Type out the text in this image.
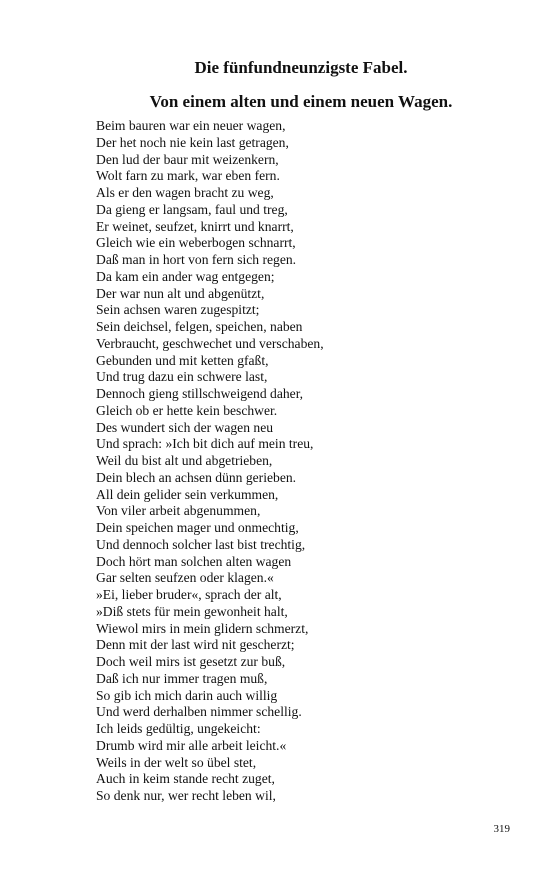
Die fünfundneunzigste Fabel.
Von einem alten und einem neuen Wagen.
Beim bauren war ein neuer wagen,
Der het noch nie kein last getragen,
Den lud der baur mit weizenkern,
Wolt farn zu mark, war eben fern.
Als er den wagen bracht zu weg,
Da gieng er langsam, faul und treg,
Er weinet, seufzet, knirrt und knarrt,
Gleich wie ein weberbogen schnarrt,
Daß man in hort von fern sich regen.
Da kam ein ander wag entgegen;
Der war nun alt und abgenützt,
Sein achsen waren zugespitzt;
Sein deichsel, felgen, speichen, naben
Verbraucht, geschwechet und verschaben,
Gebunden und mit ketten gfaßt,
Und trug dazu ein schwere last,
Dennoch gieng stillschweigend daher,
Gleich ob er hette kein beschwer.
Des wundert sich der wagen neu
Und sprach: »Ich bit dich auf mein treu,
Weil du bist alt und abgetrieben,
Dein blech an achsen dünn gerieben.
All dein gelider sein verkummen,
Von viler arbeit abgenummen,
Dein speichen mager und onmechtig,
Und dennoch solcher last bist trechtig,
Doch hört man solchen alten wagen
Gar selten seufzen oder klagen.«
»Ei, lieber bruder«, sprach der alt,
»Diß stets für mein gewonheit halt,
Wiewol mirs in mein glidern schmerzt,
Denn mit der last wird nit gescherzt;
Doch weil mirs ist gesetzt zur buß,
Daß ich nur immer tragen muß,
So gib ich mich darin auch willig
Und werd derhalben nimmer schellig.
Ich leids gedültig, ungekeicht:
Drumb wird mir alle arbeit leicht.«
Weils in der welt so übel stet,
Auch in keim stande recht zuget,
So denk nur, wer recht leben wil,
319
